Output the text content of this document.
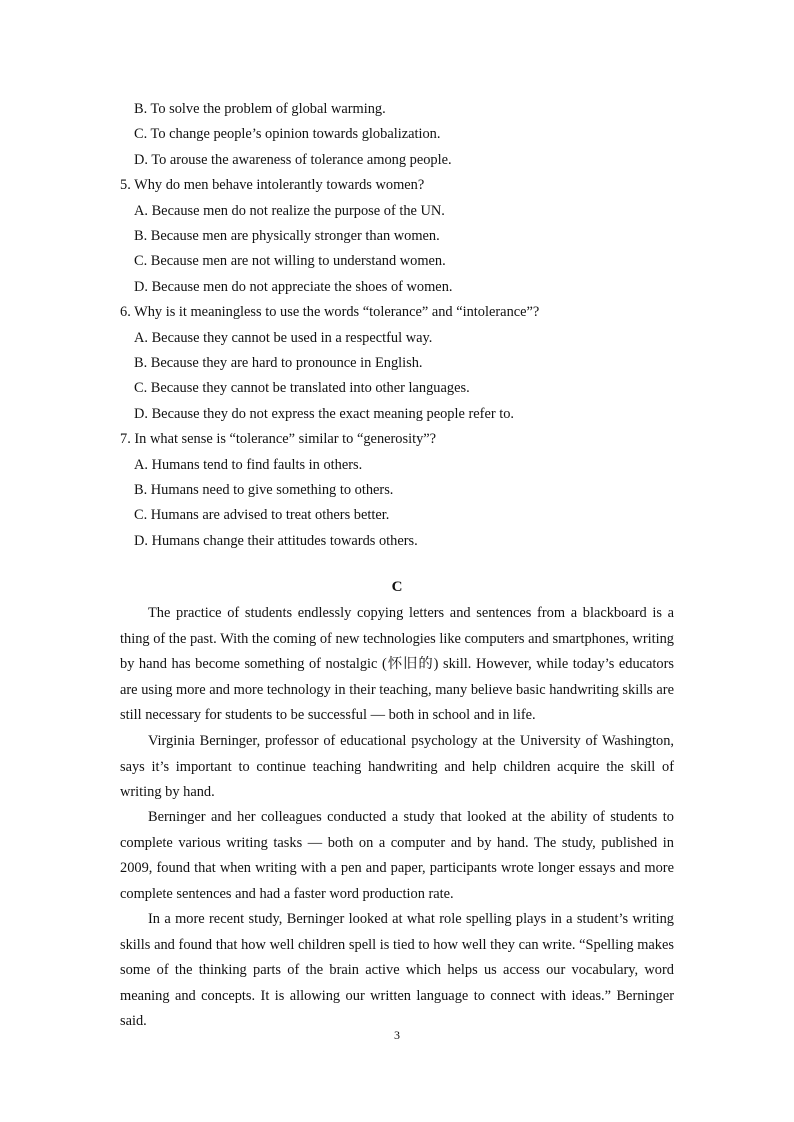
B. To solve the problem of global warming.

C. To change people’s opinion towards globalization.

D. To arouse the awareness of tolerance among people.

5. Why do men behave intolerantly towards women?

A. Because men do not realize the purpose of the UN.

B. Because men are physically stronger than women.

C. Because men are not willing to understand women.

D. Because men do not appreciate the shoes of women.

6. Why is it meaningless to use the words “tolerance” and “intolerance”?

A. Because they cannot be used in a respectful way.

B. Because they are hard to pronounce in English.

C. Because they cannot be translated into other languages.

D. Because they do not express the exact meaning people refer to.

7. In what sense is “tolerance” similar to “generosity”?

A. Humans tend to find faults in others.

B. Humans need to give something to others.

C. Humans are advised to treat others better.

D. Humans change their attitudes towards others.

C

The practice of students endlessly copying letters and sentences from a blackboard is a thing of the past. With the coming of new technologies like computers and smartphones, writing by hand has become something of nostalgic (怀旧的) skill. However, while today’s educators are using more and more technology in their teaching, many believe basic handwriting skills are still necessary for students to be successful — both in school and in life.

Virginia Berninger, professor of educational psychology at the University of Washington, says it’s important to continue teaching handwriting and help children acquire the skill of writing by hand.

Berninger and her colleagues conducted a study that looked at the ability of students to complete various writing tasks — both on a computer and by hand. The study, published in 2009, found that when writing with a pen and paper, participants wrote longer essays and more complete sentences and had a faster word production rate.

In a more recent study, Berninger looked at what role spelling plays in a student’s writing skills and found that how well children spell is tied to how well they can write. “Spelling makes some of the thinking parts of the brain active which helps us access our vocabulary, word meaning and concepts. It is allowing our written language to connect with ideas.” Berninger said.

3
